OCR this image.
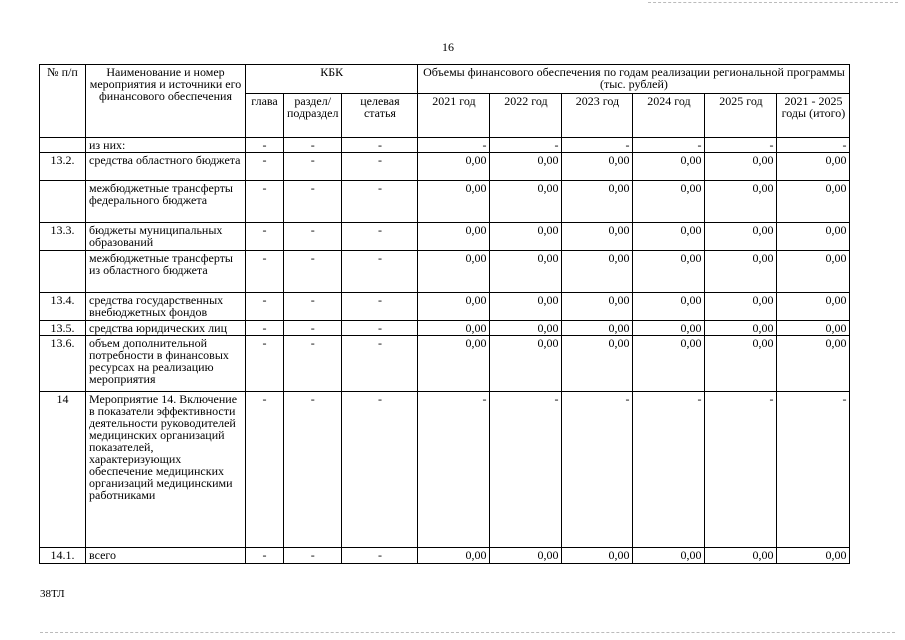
16
№ п/п	Наименование и номер мероприятия и источники его финансового обеспечения	КБК			Объемы финансового обеспечения по годам реализации региональной программы (тыс. рублей)					
		глава	раздел/ подраздел	целевая статья	2021 год	2022 год	2023 год	2024 год	2025 год	2021 - 2025 годы (итого)
	из них:	-	-	-	-	-	-	-	-	-
13.2.	средства областного бюджета	-	-	-	0,00	0,00	0,00	0,00	0,00	0,00
	межбюджетные трансферты федерального бюджета	-	-	-	0,00	0,00	0,00	0,00	0,00	0,00
13.3.	бюджеты муниципальных образований	-	-	-	0,00	0,00	0,00	0,00	0,00	0,00
	межбюджетные трансферты из областного бюджета	-	-	-	0,00	0,00	0,00	0,00	0,00	0,00
13.4.	средства государственных внебюджетных фондов	-	-	-	0,00	0,00	0,00	0,00	0,00	0,00
13.5.	средства юридических лиц	-	-	-	0,00	0,00	0,00	0,00	0,00	0,00
13.6.	объем дополнительной потребности в финансовых ресурсах на реализацию мероприятия	-	-	-	0,00	0,00	0,00	0,00	0,00	0,00
14	Мероприятие 14. Включение в показатели эффективности деятельности руководителей медицинских организаций показателей, характеризующих обеспечение медицинских организаций медицинскими работниками	-	-	-	-	-	-	-	-	-
14.1.	всего	-	-	-	0,00	0,00	0,00	0,00	0,00	0,00
38ТЛ
